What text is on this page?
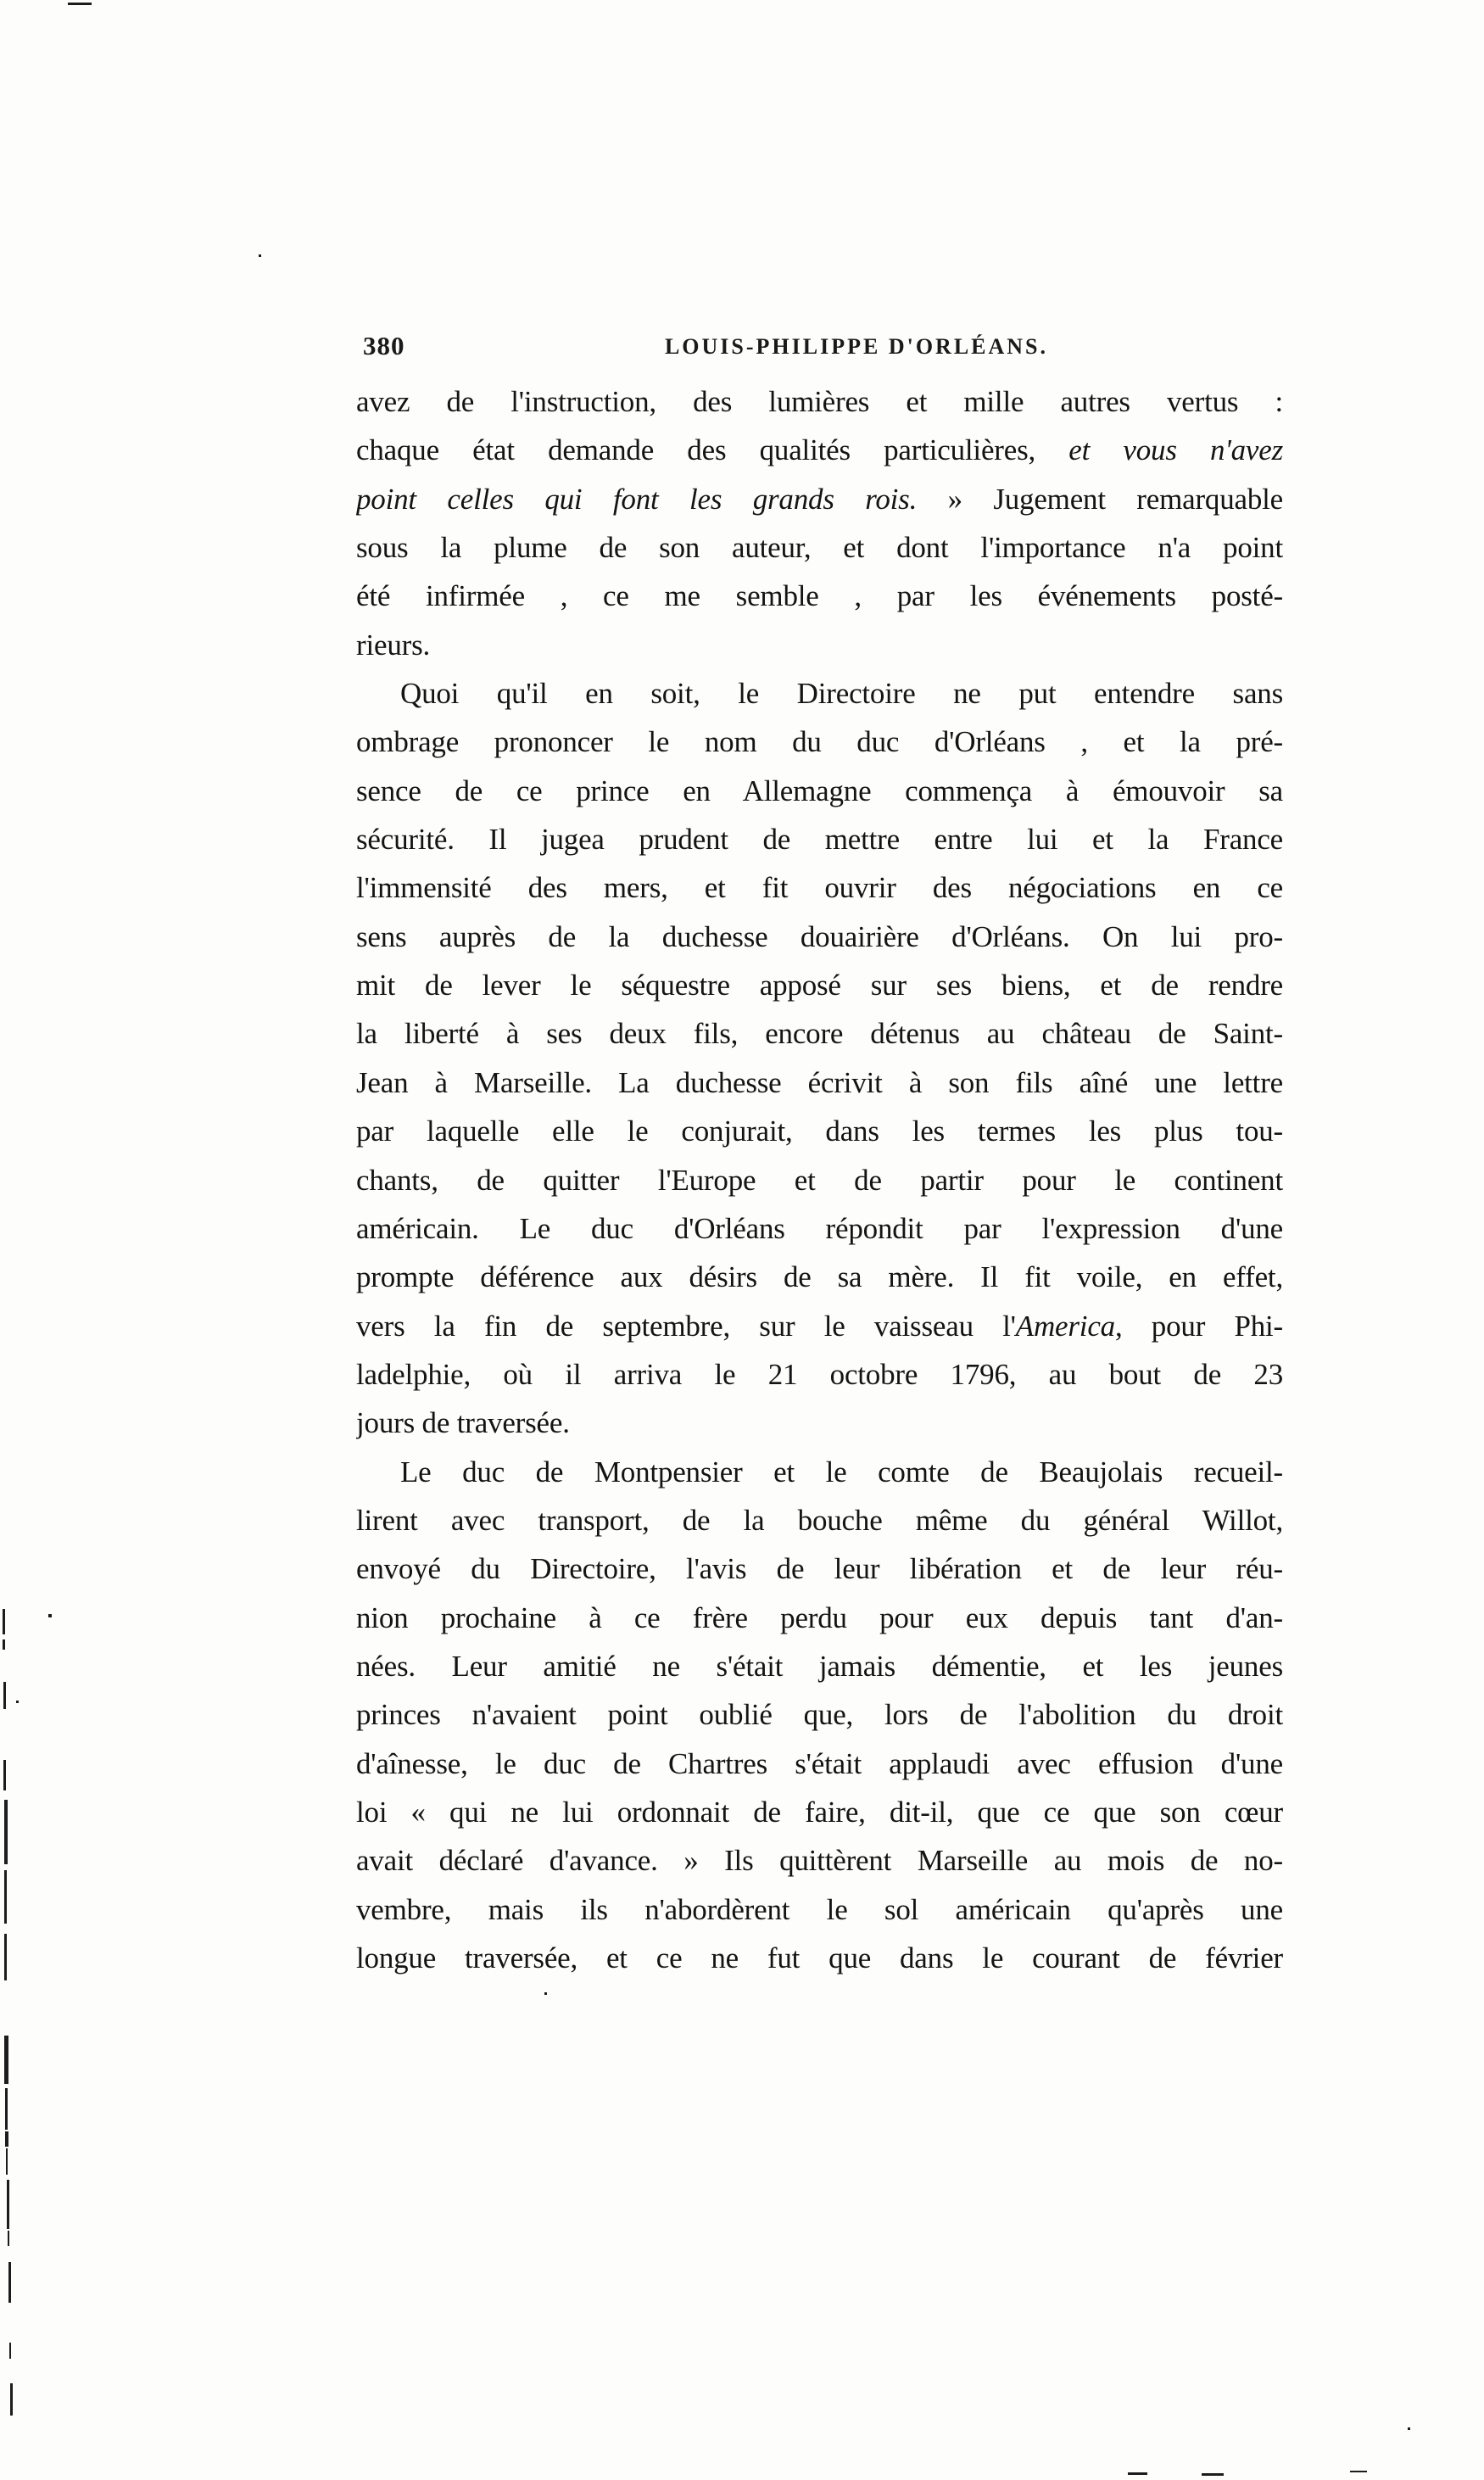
380	LOUIS-PHILIPPE D'ORLÉANS.
avez de l'instruction, des lumières et mille autres vertus :
chaque état demande des qualités particulières, et vous n'avez
point celles qui font les grands rois. » Jugement remarquable
sous la plume de son auteur, et dont l'importance n'a point
été infirmée , ce me semble , par les événements posté-
rieurs.
Quoi qu'il en soit, le Directoire ne put entendre sans
ombrage prononcer le nom du duc d'Orléans , et la pré-
sence de ce prince en Allemagne commença à émouvoir sa
sécurité. Il jugea prudent de mettre entre lui et la France
l'immensité des mers, et fit ouvrir des négociations en ce
sens auprès de la duchesse douairière d'Orléans. On lui pro-
mit de lever le séquestre apposé sur ses biens, et de rendre
la liberté à ses deux fils, encore détenus au château de Saint-
Jean à Marseille. La duchesse écrivit à son fils aîné une lettre
par laquelle elle le conjurait, dans les termes les plus tou-
chants, de quitter l'Europe et de partir pour le continent
américain. Le duc d'Orléans répondit par l'expression d'une
prompte déférence aux désirs de sa mère. Il fit voile, en effet,
vers la fin de septembre, sur le vaisseau l'America, pour Phi-
ladelphie, où il arriva le 21 octobre 1796, au bout de 23
jours de traversée.
Le duc de Montpensier et le comte de Beaujolais recueil-
lirent avec transport, de la bouche même du général Willot,
envoyé du Directoire, l'avis de leur libération et de leur réu-
nion prochaine à ce frère perdu pour eux depuis tant d'an-
nées. Leur amitié ne s'était jamais démentie, et les jeunes
princes n'avaient point oublié que, lors de l'abolition du droit
d'aînesse, le duc de Chartres s'était applaudi avec effusion d'une
loi « qui ne lui ordonnait de faire, dit-il, que ce que son cœur
avait déclaré d'avance. » Ils quittèrent Marseille au mois de no-
vembre, mais ils n'abordèrent le sol américain qu'après une
longue traversée, et ce ne fut que dans le courant de février
